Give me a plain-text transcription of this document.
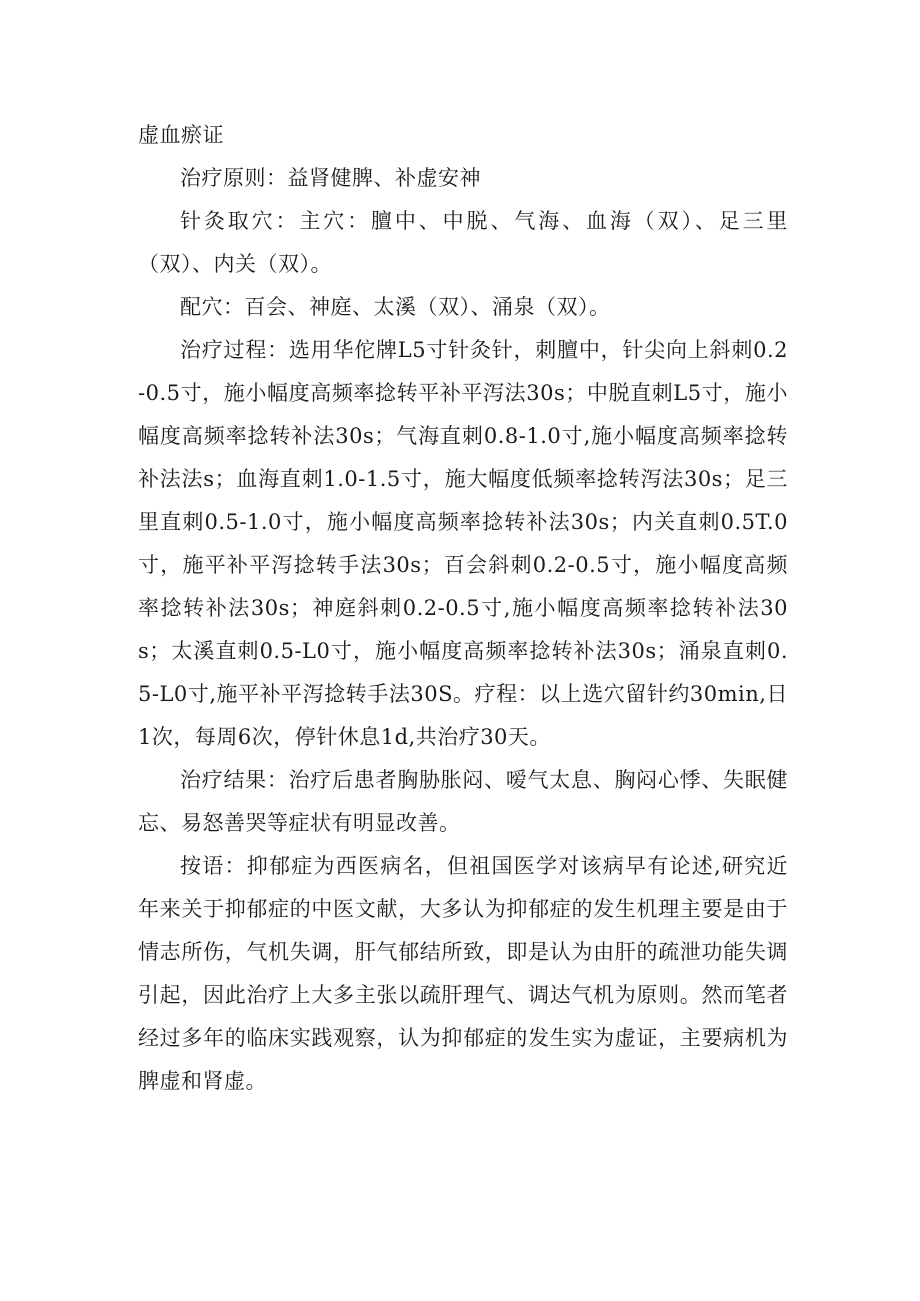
虚血瘀证

治疗原则：益肾健脾、补虚安神

针灸取穴：主穴：膻中、中脱、气海、血海（双）、足三里（双）、内关（双）。

配穴：百会、神庭、太溪（双）、涌泉（双）。

治疗过程：选用华佗牌L5寸针灸针，刺膻中，针尖向上斜刺0.2-0.5寸，施小幅度高频率捻转平补平泻法30s；中脱直刺L5寸，施小幅度高频率捻转补法30s；气海直刺0.8-1.0寸,施小幅度高频率捻转补法法s；血海直刺1.0-1.5寸，施大幅度低频率捻转泻法30s；足三里直刺0.5-1.0寸，施小幅度高频率捻转补法30s；内关直刺0.5T.0寸，施平补平泻捻转手法30s；百会斜刺0.2-0.5寸，施小幅度高频率捻转补法30s；神庭斜刺0.2-0.5寸,施小幅度高频率捻转补法30s；太溪直刺0.5-L0寸，施小幅度高频率捻转补法30s；涌泉直刺0.5-L0寸,施平补平泻捻转手法30S。疗程：以上选穴留针约30min,日1次，每周6次，停针休息1d,共治疗30天。

治疗结果：治疗后患者胸胁胀闷、嗳气太息、胸闷心悸、失眠健忘、易怒善哭等症状有明显改善。

按语：抑郁症为西医病名，但祖国医学对该病早有论述,研究近年来关于抑郁症的中医文献，大多认为抑郁症的发生机理主要是由于情志所伤，气机失调，肝气郁结所致，即是认为由肝的疏泄功能失调引起，因此治疗上大多主张以疏肝理气、调达气机为原则。然而笔者经过多年的临床实践观察，认为抑郁症的发生实为虚证，主要病机为脾虚和肾虚。
